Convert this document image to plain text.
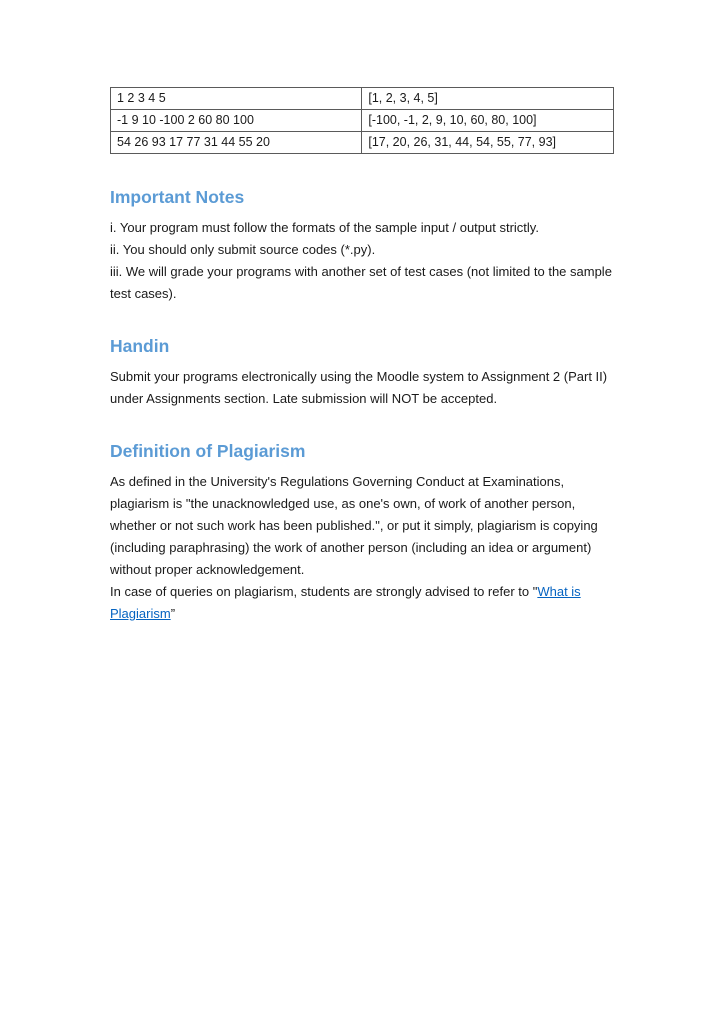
1 2 3 4 5	[1, 2, 3, 4, 5]
-1 9 10 -100 2 60 80 100	[-100, -1, 2, 9, 10, 60, 80, 100]
54 26 93 17 77 31 44 55 20	[17, 20, 26, 31, 44, 54, 55, 77, 93]
Important Notes

i. Your program must follow the formats of the sample input / output strictly.

ii. You should only submit source codes (*.py).

iii. We will grade your programs with another set of test cases (not limited to the sample test cases).

Handin

Submit your programs electronically using the Moodle system to Assignment 2 (Part II) under Assignments section. Late submission will NOT be accepted.

Definition of Plagiarism

As defined in the University's Regulations Governing Conduct at Examinations, plagiarism is "the unacknowledged use, as one's own, of work of another person, whether or not such work has been published.", or put it simply, plagiarism is copying (including paraphrasing) the work of another person (including an idea or argument) without proper acknowledgement.

In case of queries on plagiarism, students are strongly advised to refer to "What is Plagiarism”
